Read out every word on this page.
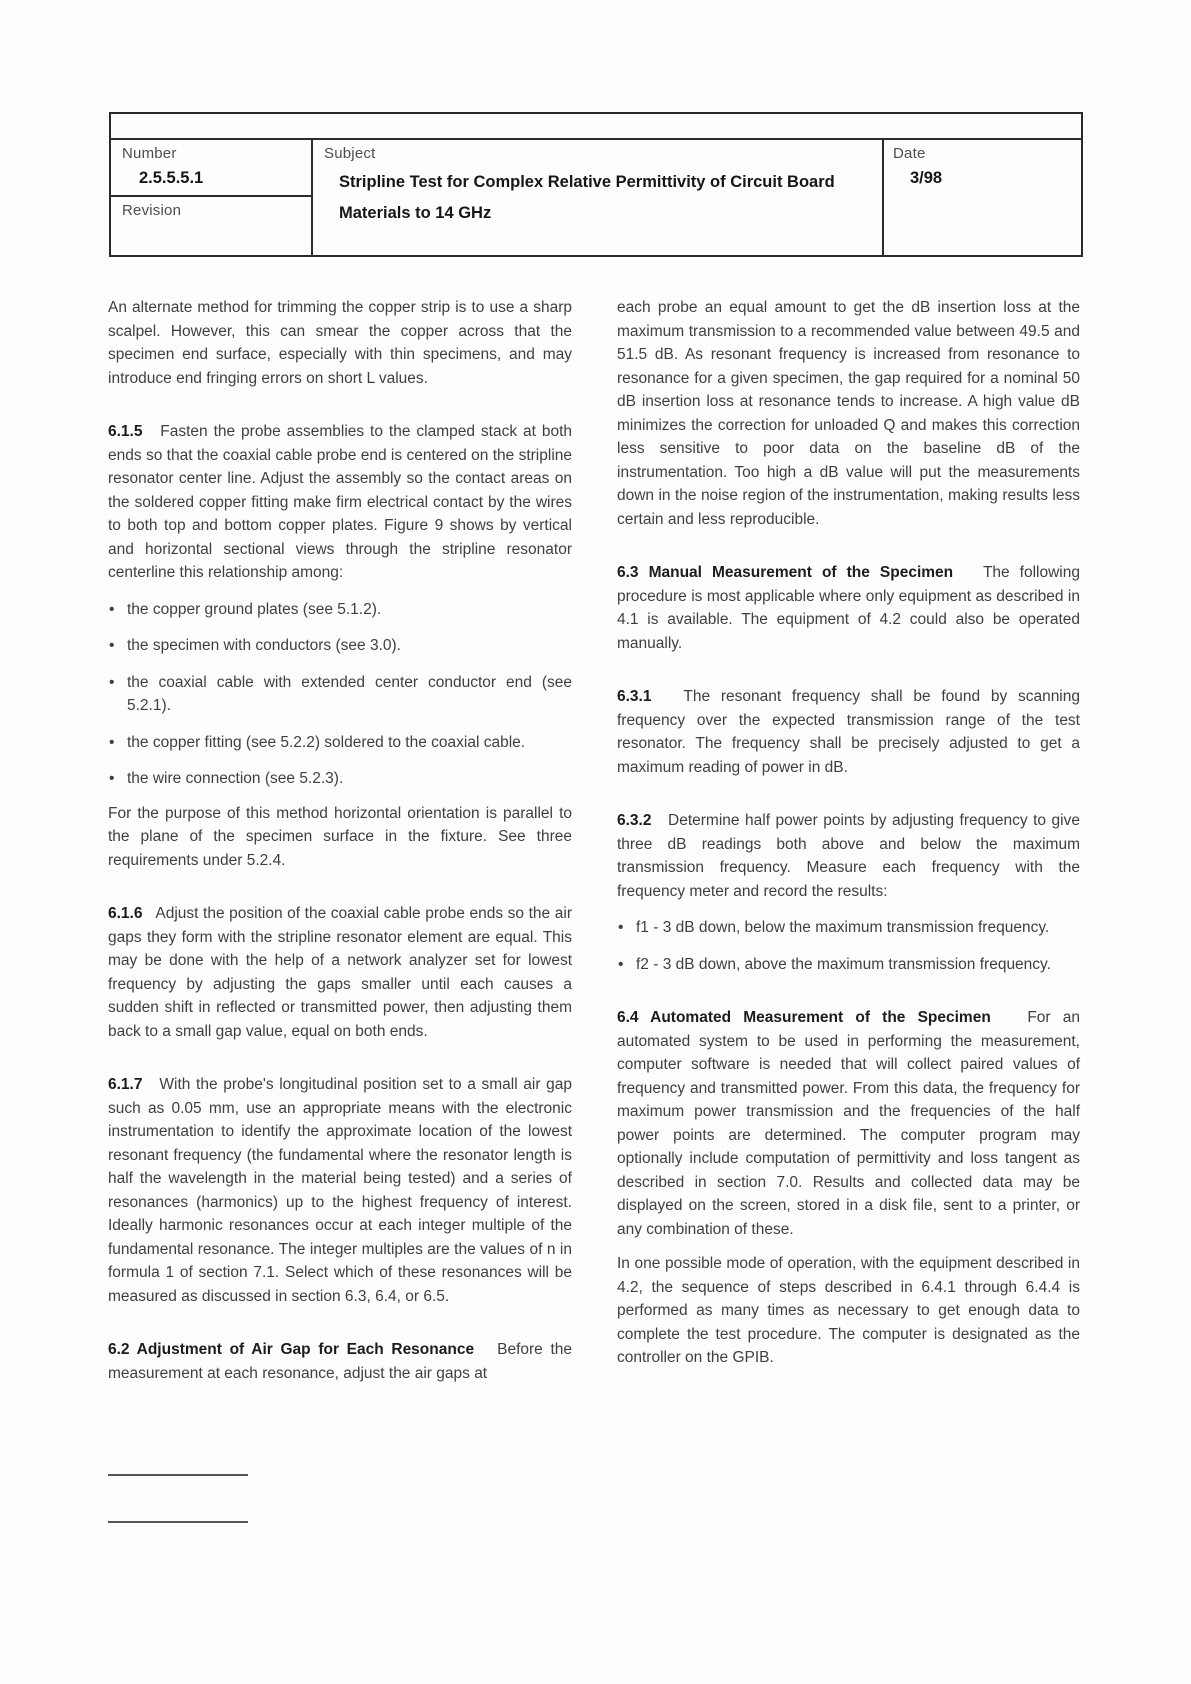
Number
2.5.5.5.1
Revision
Subject
Stripline Test for Complex Relative Permittivity of Circuit Board Materials to 14 GHz
Date
3/98

An alternate method for trimming the copper strip is to use a sharp scalpel. However, this can smear the copper across that the specimen end surface, especially with thin specimens, and may introduce end fringing errors on short L values.

6.1.5 Fasten the probe assemblies to the clamped stack at both ends so that the coaxial cable probe end is centered on the stripline resonator center line. Adjust the assembly so the contact areas on the soldered copper fitting make firm electrical contact by the wires to both top and bottom copper plates. Figure 9 shows by vertical and horizontal sectional views through the stripline resonator centerline this relationship among:

• the copper ground plates (see 5.1.2).

• the specimen with conductors (see 3.0).

• the coaxial cable with extended center conductor end (see 5.2.1).

• the copper fitting (see 5.2.2) soldered to the coaxial cable.

• the wire connection (see 5.2.3).

For the purpose of this method horizontal orientation is parallel to the plane of the specimen surface in the fixture. See three requirements under 5.2.4.

6.1.6 Adjust the position of the coaxial cable probe ends so the air gaps they form with the stripline resonator element are equal. This may be done with the help of a network analyzer set for lowest frequency by adjusting the gaps smaller until each causes a sudden shift in reflected or transmitted power, then adjusting them back to a small gap value, equal on both ends.

6.1.7 With the probe's longitudinal position set to a small air gap such as 0.05 mm, use an appropriate means with the electronic instrumentation to identify the approximate location of the lowest resonant frequency (the fundamental where the resonator length is half the wavelength in the material being tested) and a series of resonances (harmonics) up to the highest frequency of interest. Ideally harmonic resonances occur at each integer multiple of the fundamental resonance. The integer multiples are the values of n in formula 1 of section 7.1. Select which of these resonances will be measured as discussed in section 6.3, 6.4, or 6.5.

6.2 Adjustment of Air Gap for Each Resonance Before the measurement at each resonance, adjust the air gaps at

each probe an equal amount to get the dB insertion loss at the maximum transmission to a recommended value between 49.5 and 51.5 dB. As resonant frequency is increased from resonance to resonance for a given specimen, the gap required for a nominal 50 dB insertion loss at resonance tends to increase. A high value dB minimizes the correction for unloaded Q and makes this correction less sensitive to poor data on the baseline dB of the instrumentation. Too high a dB value will put the measurements down in the noise region of the instrumentation, making results less certain and less reproducible.

6.3 Manual Measurement of the Specimen The following procedure is most applicable where only equipment as described in 4.1 is available. The equipment of 4.2 could also be operated manually.

6.3.1 The resonant frequency shall be found by scanning frequency over the expected transmission range of the test resonator. The frequency shall be precisely adjusted to get a maximum reading of power in dB.

6.3.2 Determine half power points by adjusting frequency to give three dB readings both above and below the maximum transmission frequency. Measure each frequency with the frequency meter and record the results:

• f1 - 3 dB down, below the maximum transmission frequency.

• f2 - 3 dB down, above the maximum transmission frequency.

6.4 Automated Measurement of the Specimen For an automated system to be used in performing the measurement, computer software is needed that will collect paired values of frequency and transmitted power. From this data, the frequency for maximum power transmission and the frequencies of the half power points are determined. The computer program may optionally include computation of permittivity and loss tangent as described in section 7.0. Results and collected data may be displayed on the screen, stored in a disk file, sent to a printer, or any combination of these.

In one possible mode of operation, with the equipment described in 4.2, the sequence of steps described in 6.4.1 through 6.4.4 is performed as many times as necessary to get enough data to complete the test procedure. The computer is designated as the controller on the GPIB.
